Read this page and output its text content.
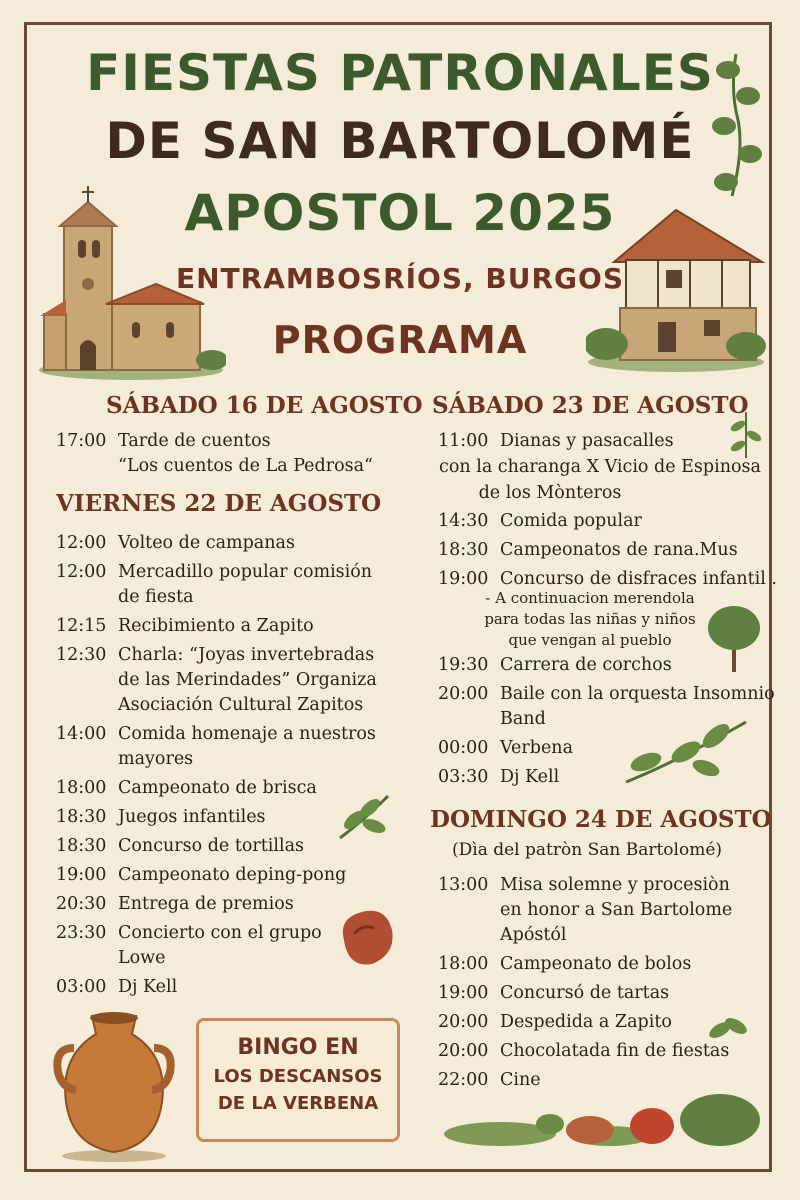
FIESTAS PATRONALES
DE SAN BARTOLOMÉ
APOSTOL 2025
ENTRAMBOSRÍOS, BURGOS
PROGRAMA
SÁBADO 16 DE AGOSTO
17:00 Tarde de cuentos
“Los cuentos de La Pedrosa“
VIERNES 22 DE AGOSTO
12:00 Volteo de campanas
12:00 Mercadillo popular comisión
de fiesta
12:15 Recibimiento a Zapito
12:30 Charla: “Joyas invertebradas
de las Merindades” Organiza
Asociación Cultural Zapitos
14:00 Comida homenaje a nuestros
mayores
18:00 Campeonato de brisca
18:30 Juegos infantiles
18:30 Concurso de tortillas
19:00 Campeonato deping-pong
20:30 Entrega de premios
23:30 Concierto con el grupo
Lowe
03:00 Dj Kell
SÁBADO 23 DE AGOSTO
11:00 Dianas y pasacalles
con la charanga X Vicio de Espinosa
de los Mònteros
14:30 Comida popular
18:30 Campeonatos de rana.Mus
19:00 Concurso de disfraces infantil .
- A continuacion merendola
para todas las niñas y niños
que vengan al pueblo
19:30 Carrera de corchos
20:00 Baile con la orquesta Insomnio
Band
00:00 Verbena
03:30 Dj Kell
DOMINGO 24 DE AGOSTO
(Dìa del patròn San Bartolomé)
13:00 Misa solemne y procesiòn
en honor a San Bartolome
Apóstól
18:00 Campeonato de bolos
19:00 Concursó de tartas
20:00 Despedida a Zapito
20:00 Chocolatada fin de fiestas
22:00 Cine
BINGO EN
LOS DESCANSOS
DE LA VERBENA
